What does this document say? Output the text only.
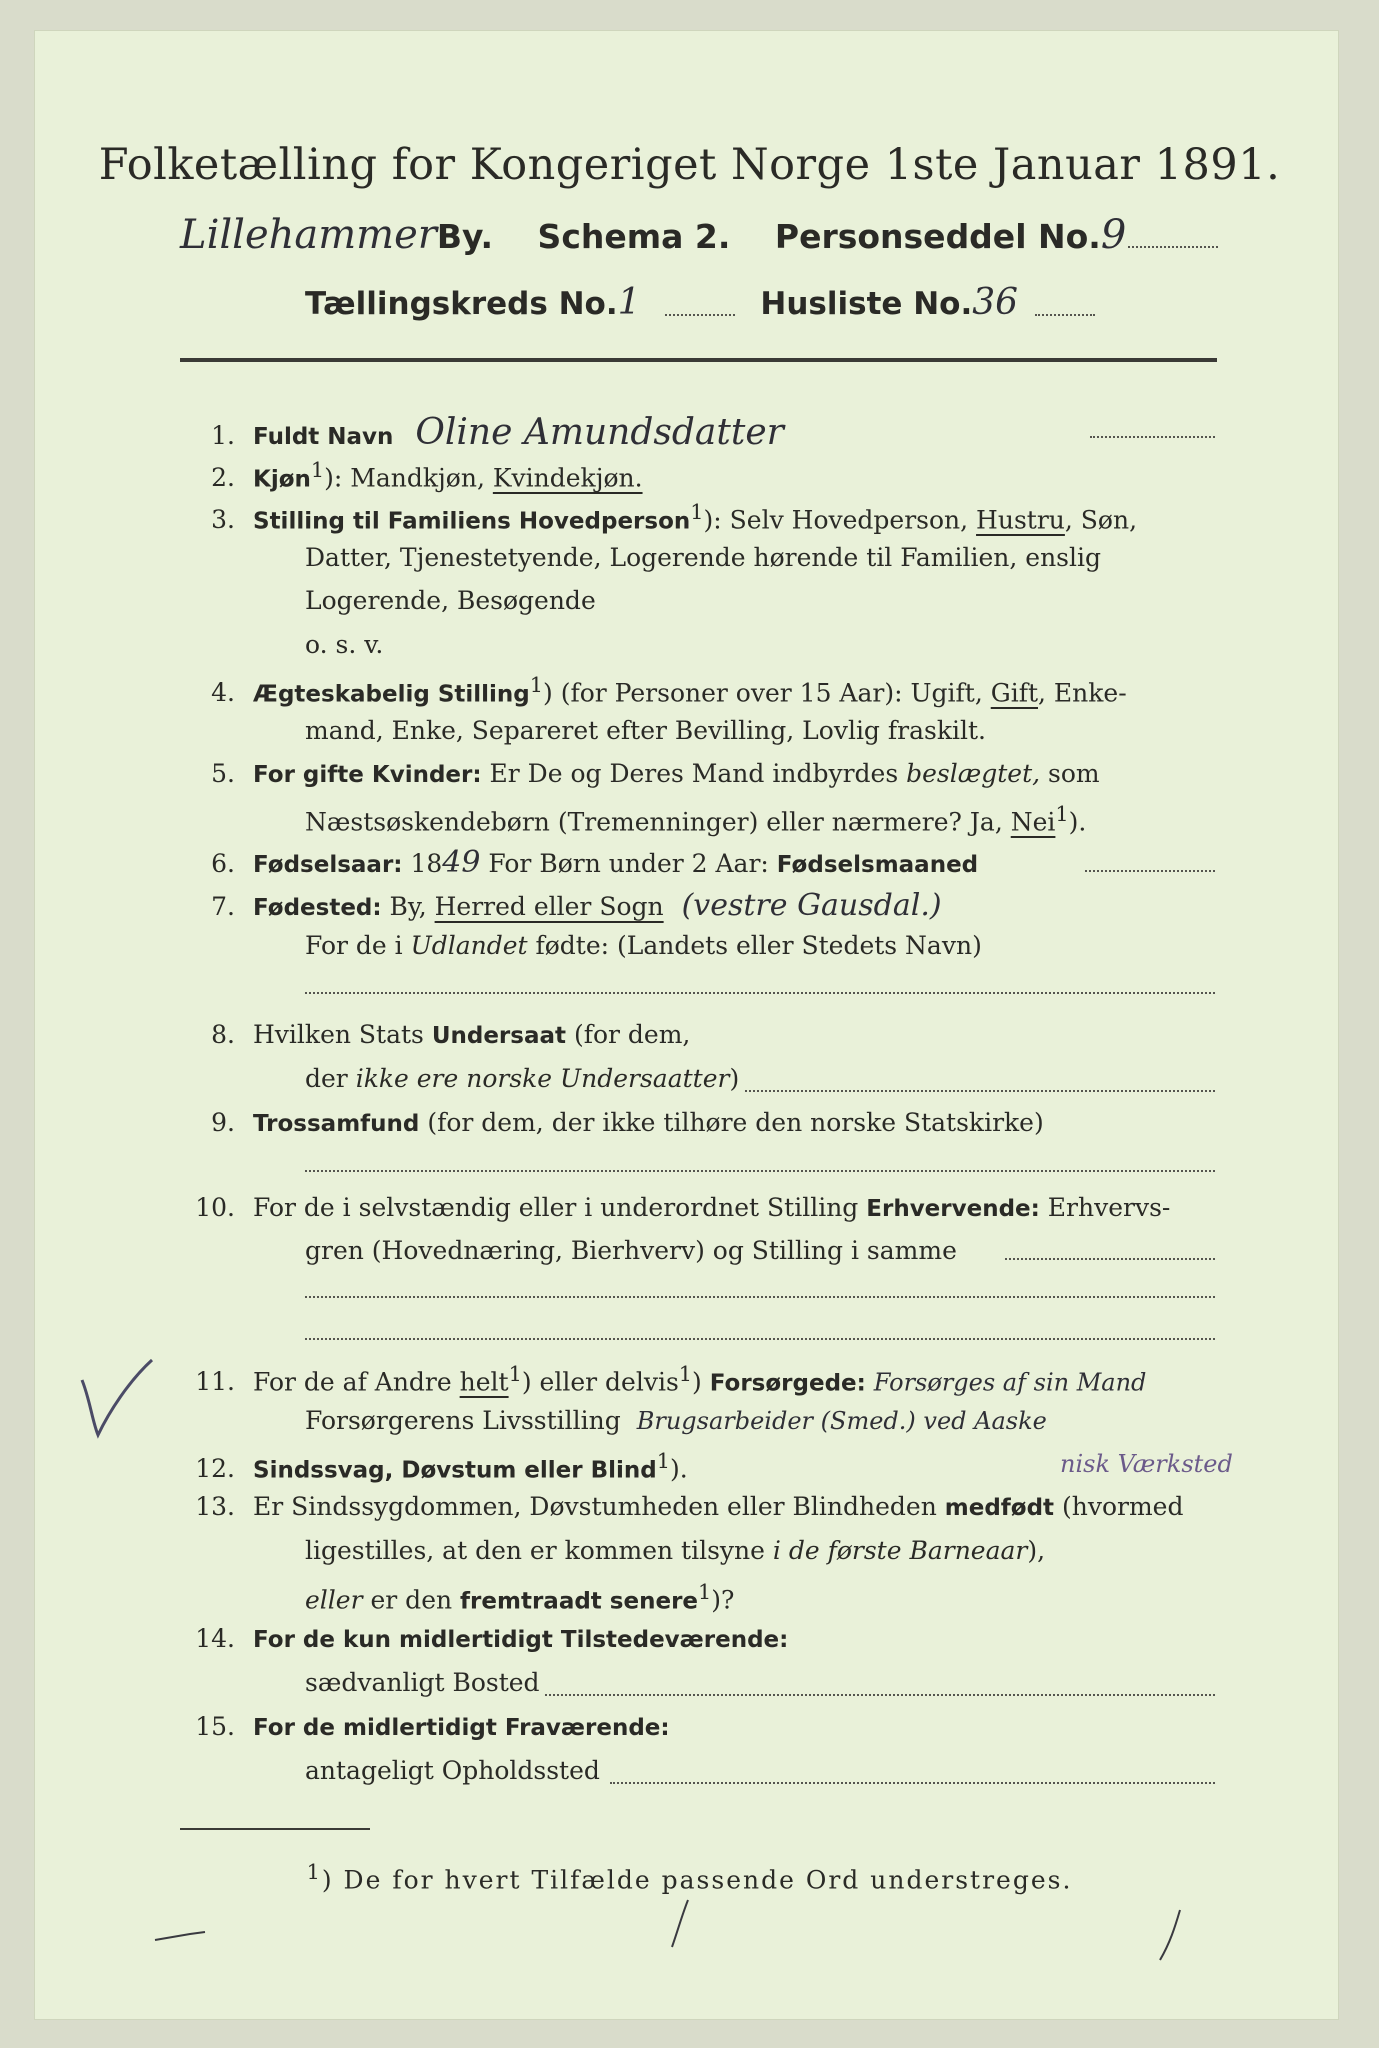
Folketælling for Kongeriget Norge 1ste Januar 1891.
LillehammerBy. Schema 2. Personseddel No.9
Tællingskreds No.1	Husliste No.36
1. Fuldt Navn Oline Amundsdatter
2. Kjøn$^1$): Mandkjøn, Kvindekjøn.
3. Stilling til Familiens Hovedperson$^1$): Selv Hovedperson, Hustru, Søn,
Datter, Tjenestetyende, Logerende hørende til Familien, enslig
Logerende, Besøgende
o. s. v.
4. Ægteskabelig Stilling$^1$) (for Personer over 15 Aar): Ugift, Gift, Enke-
mand, Enke, Separeret efter Bevilling, Lovlig fraskilt.
5. For gifte Kvinder: Er De og Deres Mand indbyrdes beslægtet, som
Næstsøskendebørn (Tremenninger) eller nærmere? Ja, Nei$^1$).
6. Fødselsaar: 1849 For Børn under 2 Aar: Fødselsmaaned
7. Fødested: By, Herred eller Sogn (vestre Gausdal.)
For de i Udlandet fødte: (Landets eller Stedets Navn)
8. Hvilken Stats Undersaat (for dem,
der ikke ere norske Undersaatter)
9. Trossamfund (for dem, der ikke tilhøre den norske Statskirke)
10. For de i selvstændig eller i underordnet Stilling Erhvervende: Erhvervs-
gren (Hovednæring, Bierhverv) og Stilling i samme
11. For de af Andre helt$^1$) eller delvis$^1$) Forsørgede: Forsørges af sin Mand
Forsørgerens Livsstilling Brugsarbeider (Smed.) ved Aaske
nisk Værksted
12. Sindssvag, Døvstum eller Blind$^1$).
13. Er Sindssygdommen, Døvstumheden eller Blindheden medfødt (hvormed
ligestilles, at den er kommen tilsyne i de første Barneaar),
eller er den fremtraadt senere$^1$)?
14. For de kun midlertidigt Tilstedeværende:
sædvanligt Bosted
15. For de midlertidigt Fraværende:
antageligt Opholdssted
$^1$) De for hvert Tilfælde passende Ord understreges.
